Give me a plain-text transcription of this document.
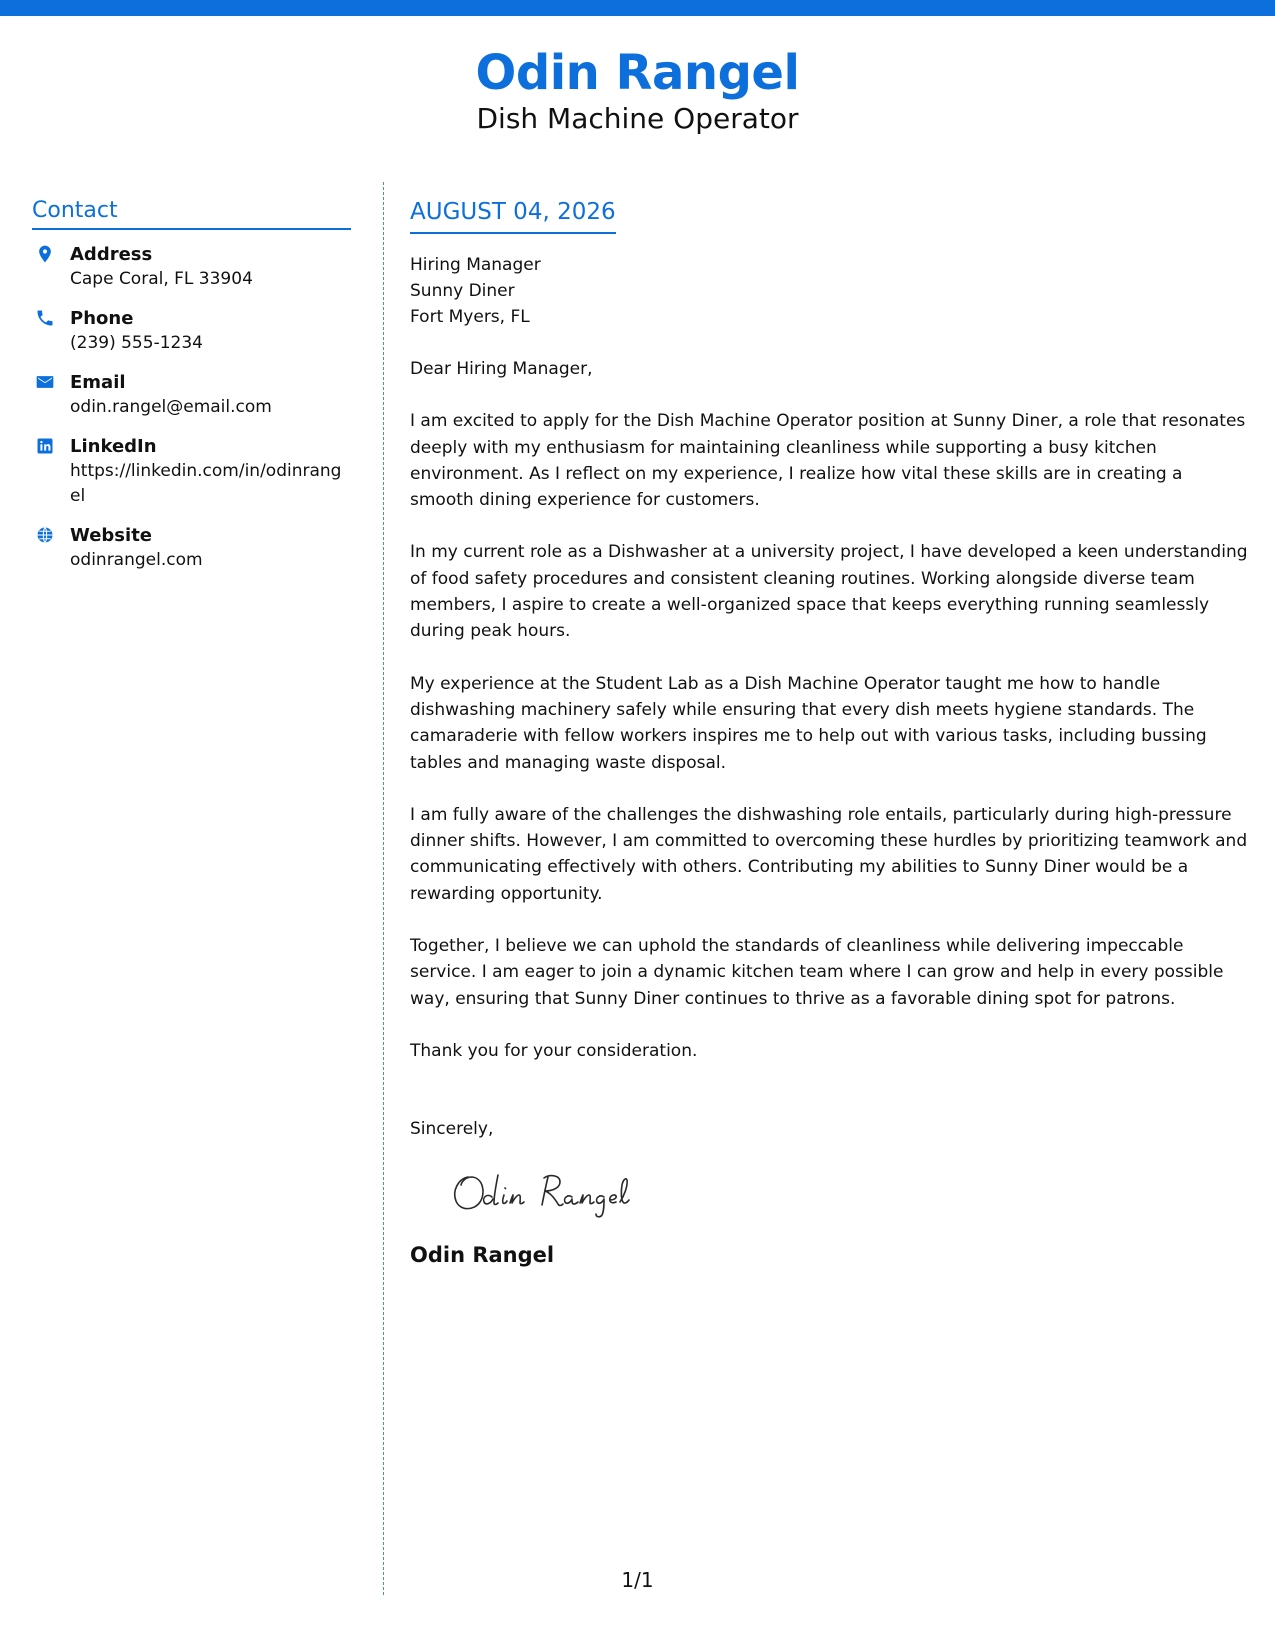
Odin Rangel
Dish Machine Operator
Contact
Address
Cape Coral, FL 33904
Phone
(239) 555-1234
Email
odin.rangel@email.com
LinkedIn
https://linkedin.com/in/odinrangel
Website
odinrangel.com
AUGUST 04, 2026
Hiring Manager
Sunny Diner
Fort Myers, FL
Dear Hiring Manager,
I am excited to apply for the Dish Machine Operator position at Sunny Diner, a role that resonates deeply with my enthusiasm for maintaining cleanliness while supporting a busy kitchen environment. As I reflect on my experience, I realize how vital these skills are in creating a smooth dining experience for customers.
In my current role as a Dishwasher at a university project, I have developed a keen understanding of food safety procedures and consistent cleaning routines. Working alongside diverse team members, I aspire to create a well-organized space that keeps everything running seamlessly during peak hours.
My experience at the Student Lab as a Dish Machine Operator taught me how to handle dishwashing machinery safely while ensuring that every dish meets hygiene standards. The camaraderie with fellow workers inspires me to help out with various tasks, including bussing tables and managing waste disposal.
I am fully aware of the challenges the dishwashing role entails, particularly during high-pressure dinner shifts. However, I am committed to overcoming these hurdles by prioritizing teamwork and communicating effectively with others. Contributing my abilities to Sunny Diner would be a rewarding opportunity.
Together, I believe we can uphold the standards of cleanliness while delivering impeccable service. I am eager to join a dynamic kitchen team where I can grow and help in every possible way, ensuring that Sunny Diner continues to thrive as a favorable dining spot for patrons.
Thank you for your consideration.
Sincerely,
Odin Rangel
1/1
